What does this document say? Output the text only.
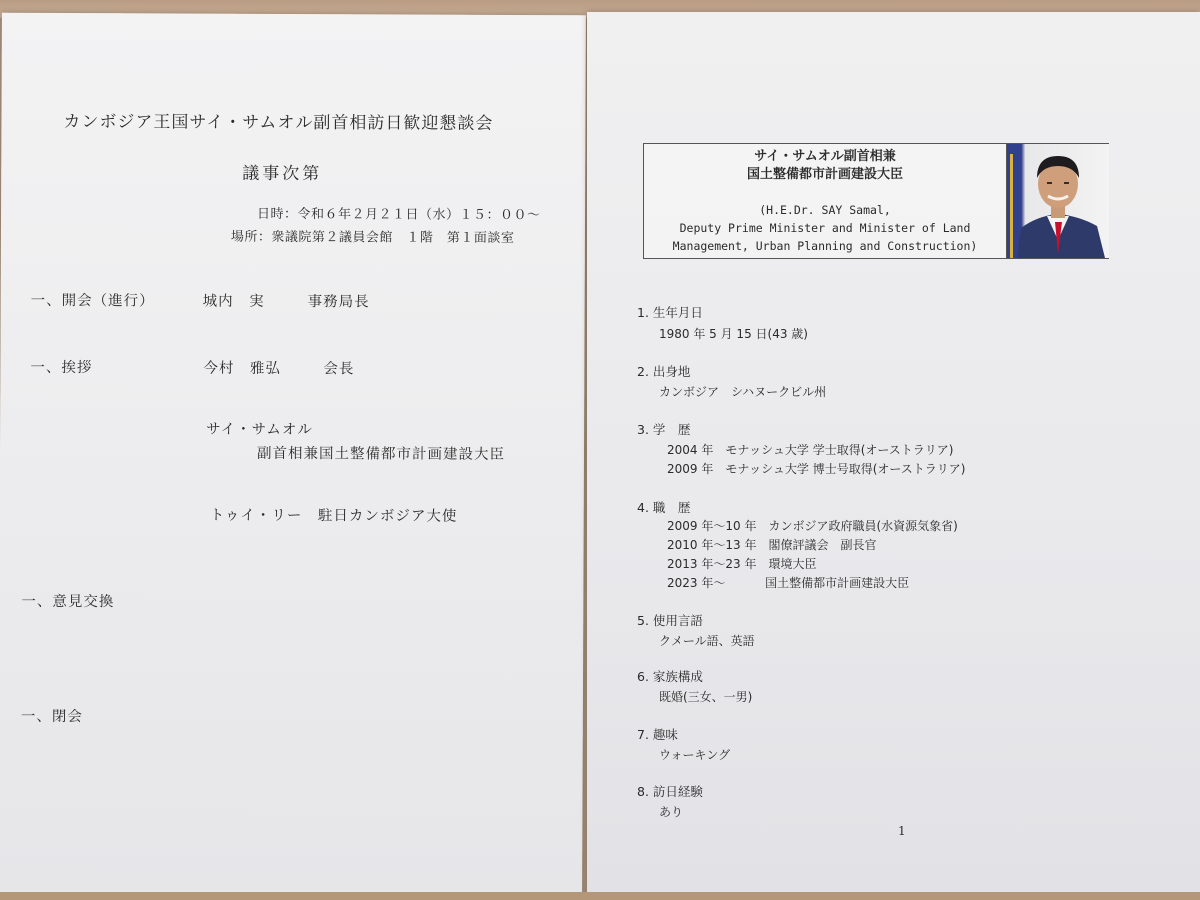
カンボジア王国サイ・サムオル副首相訪日歓迎懇談会
議事次第
日時：令和６年２月２１日（水）１５：００～
場所：衆議院第２議員会館　１階　第１面談室
一、開会（進行）	城内　実	事務局長
一、挨拶	今村　雅弘	会長
サイ・サムオル
副首相兼国土整備都市計画建設大臣
トゥイ・リー　駐日カンボジア大使
一、意見交換
一、閉会
サイ・サムオル副首相兼
国土整備都市計画建設大臣
(H.E.Dr. SAY Samal,
Deputy Prime Minister and Minister of Land
Management, Urban Planning and Construction)
1. 生年月日
1980 年 5 月 15 日(43 歳)
2. 出身地
カンボジア　シハヌークビル州
3. 学　歴
2004 年　モナッシュ大学 学士取得(オーストラリア)
2009 年　モナッシュ大学 博士号取得(オーストラリア)
4. 職　歴
2009 年～10 年　カンボジア政府職員(水資源気象省)
2010 年～13 年　閣僚評議会　副長官
2013 年～23 年　環境大臣
2023 年～　　　 国土整備都市計画建設大臣
5. 使用言語
クメール語、英語
6. 家族構成
既婚(三女、一男)
7. 趣味
ウォーキング
8. 訪日経験
あり
1
